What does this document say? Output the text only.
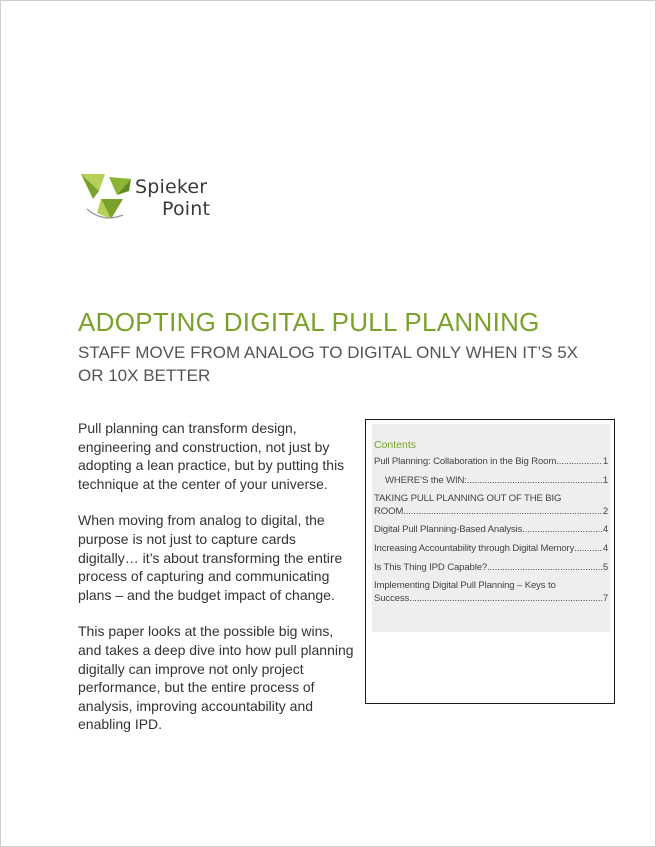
Spieker
Point
ADOPTING DIGITAL PULL PLANNING
STAFF MOVE FROM ANALOG TO DIGITAL ONLY WHEN IT’S 5X OR 10X BETTER

Pull planning can transform design, engineering and construction, not just by adopting a lean practice, but by putting this technique at the center of your universe.

When moving from analog to digital, the purpose is not just to capture cards digitally… it’s about transforming the entire process of capturing and communicating plans – and the budget impact of change.

This paper looks at the possible big wins, and takes a deep dive into how pull planning digitally can improve not only project performance, but the entire process of analysis, improving accountability and enabling IPD.

Contents
Pull Planning: Collaboration in the Big Room .....	1
WHERE’S the WIN: .....	1
TAKING PULL PLANNING OUT OF THE BIG
ROOM .....	2
Digital Pull Planning-Based Analysis .....	4
Increasing Accountability through Digital Memory .....	4
Is This Thing IPD Capable? .....	5
Implementing Digital Pull Planning – Keys to
Success .....	7
